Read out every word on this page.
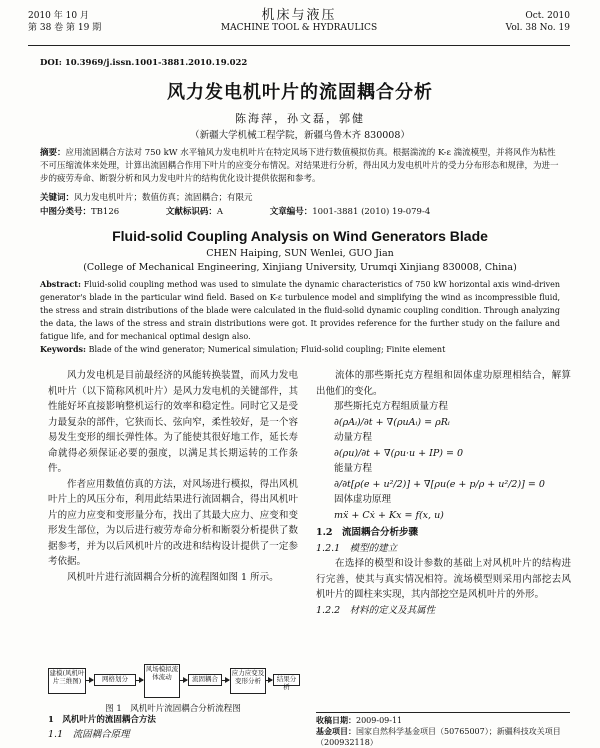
2010 年 10 月
第 38 卷 第 19 期
机床与液压
MACHINE TOOL & HYDRAULICS
Oct. 2010
Vol. 38 No. 19
DOI: 10.3969/j.issn.1001-3881.2010.19.022
风力发电机叶片的流固耦合分析
陈海萍，孙文磊，郭健
（新疆大学机械工程学院，新疆乌鲁木齐 830008）
摘要：应用流固耦合方法对 750 kW 水平轴风力发电机叶片在特定风场下进行数值模拟仿真。根据湍流的 K-ε 湍流模型，并将风作为粘性不可压缩流体来处理，计算出流固耦合作用下叶片的应变分布情况。对结果进行分析，得出风力发电机叶片的受力分布形态和规律，为进一步的疲劳寿命、断裂分析和风力发电叶片的结构优化设计提供依据和参考。
关键词：风力发电机叶片；数值仿真；流固耦合；有限元
中图分类号：TB126	文献标识码：A	文章编号：1001-3881 (2010) 19-079-4
Fluid-solid Coupling Analysis on Wind Generators Blade
CHEN Haiping, SUN Wenlei, GUO Jian
(College of Mechanical Engineering, Xinjiang University, Urumqi Xinjiang 830008, China)
Abstract: Fluid-solid coupling method was used to simulate the dynamic characteristics of 750 kW horizontal axis wind-driven generator's blade in the particular wind field. Based on K-ε turbulence model and simplifying the wind as incompressible fluid, the stress and strain distributions of the blade were calculated in the fluid-solid dynamic coupling condition. Through analyzing the data, the laws of the stress and strain distributions were got. It provides reference for the further study on the failure and fatigue life, and for mechanical optimal design also.
Keywords: Blade of the wind generator; Numerical simulation; Fluid-solid coupling; Finite element

风力发电机是目前最经济的风能转换装置，而风力发电机叶片（以下简称风机叶片）是风力发电机的关键部件，其性能好坏直接影响整机运行的效率和稳定性。同时它又是受力最复杂的部件，它狭而长、弦向窄，柔性较好，是一个容易发生变形的细长弹性体。为了能使其很好地工作，延长寿命就得必须保证必要的强度，以满足其长期运转的工作条件。

作者应用数值仿真的方法，对风场进行模拟，得出风机叶片上的风压分布，利用此结果进行流固耦合，得出风机叶片的应力应变和变形量分布，找出了其最大应力、应变和变形发生部位，为以后进行疲劳寿命分析和断裂分析提供了数据参考，并为以后风机叶片的改进和结构设计提供了一定参考依据。

风机叶片进行流固耦合分析的流程图如图 1 所示。

建模(风机叶片三维图)	网格划分
风场模拟流体流动	流固耦合
应力应变及变形分析	结果分析
图 1　风机叶片流固耦合分析流程图

流体的那些斯托克方程组和固体虚功原理相结合，解算出他们的变化。

那些斯托克方程组质量方程
∂(ρAᵢ)/∂t + ∇(ρuAᵢ) = ρRᵢ
动量方程
∂(ρu)/∂t + ∇(ρu·u + IP) = 0
能量方程
∂/∂t[ρ(e + u²/2)] + ∇[ρu(e + p/ρ + u²/2)] = 0
固体虚功原理
mẍ + Cẋ + Kx = f(x, u)
1.2　流固耦合分析步骤
1.2.1　模型的建立

在选择的模型和设计参数的基础上对风机叶片的结构进行完善，使其与真实情况相符。流场模型则采用内部挖去风机叶片的圆柱来实现，其内部挖空是风机叶片的外形。

1.2.2　材料的定义及其属性
1　风机叶片的流固耦合方法	收稿日期：2009-09-11
基金项目：国家自然科学基金项目（50765007）；新疆科技攻关项目（200932118）
1.1　流固耦合原理
